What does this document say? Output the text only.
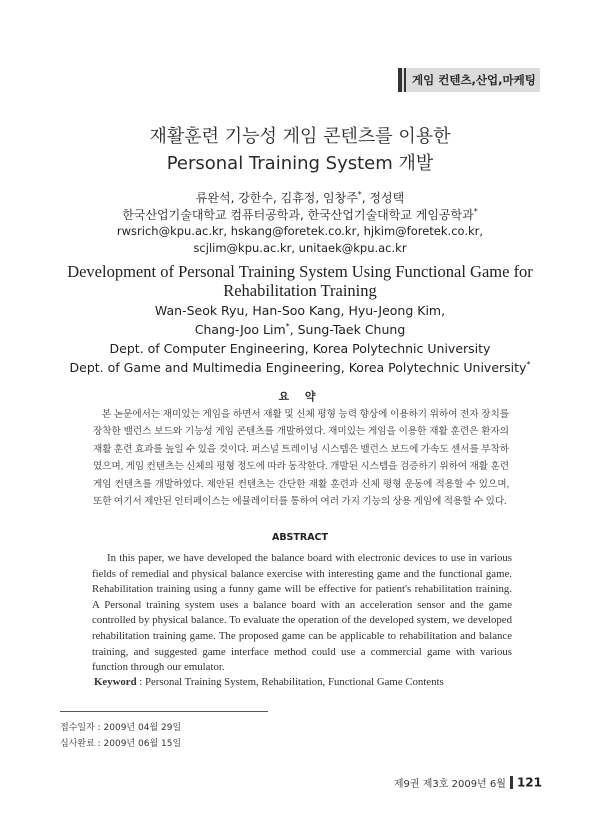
게임 컨텐츠,산업,마케팅
재활훈련 기능성 게임 콘텐츠를 이용한
Personal Training System 개발
류완석, 강한수, 김휴정, 임창주*, 정성택
한국산업기술대학교 컴퓨터공학과, 한국산업기술대학교 게임공학과*
rwsrich@kpu.ac.kr, hskang@foretek.co.kr, hjkim@foretek.co.kr,
scjlim@kpu.ac.kr, unitaek@kpu.ac.kr
Development of Personal Training System Using Functional Game for
Rehabilitation Training
Wan-Seok Ryu, Han-Soo Kang, Hyu-Jeong Kim,
Chang-Joo Lim*, Sung-Taek Chung
Dept. of Computer Engineering, Korea Polytechnic University
Dept. of Game and Multimedia Engineering, Korea Polytechnic University*
요 약
본 논문에서는 재미있는 게임을 하면서 재활 및 신체 평형 능력 향상에 이용하기 위하여 전자 장치를 장착한 밸런스 보드와 기능성 게임 콘텐츠를 개발하였다. 재미있는 게임을 이용한 재활 훈련은 환자의 재활 훈련 효과를 높일 수 있을 것이다. 퍼스널 트레이닝 시스템은 밸런스 보드에 가속도 센서를 부착하였으며, 게임 컨텐츠는 신체의 평형 정도에 따라 동작한다. 개발된 시스템을 검증하기 위하여 재활 훈련 게임 컨텐츠를 개발하였다. 제안된 컨텐츠는 간단한 재활 훈련과 신체 평형 운동에 적용할 수 있으며, 또한 여기서 제안된 인터페이스는 에뮬레이터를 통하여 여러 가지 기능의 상용 게임에 적용할 수 있다.
ABSTRACT
In this paper, we have developed the balance board with electronic devices to use in various fields of remedial and physical balance exercise with interesting game and the functional game. Rehabilitation training using a funny game will be effective for patient's rehabilitation training. A Personal training system uses a balance board with an acceleration sensor and the game controlled by physical balance. To evaluate the operation of the developed system, we developed rehabilitation training game. The proposed game can be applicable to rehabilitation and balance training, and suggested game interface method could use a commercial game with various function through our emulator.
Keyword : Personal Training System, Rehabilitation, Functional Game Contents
접수일자 : 2009년 04월 29일
심사완료 : 2009년 06월 15일
제9권 제3호 2009년 6월 121
